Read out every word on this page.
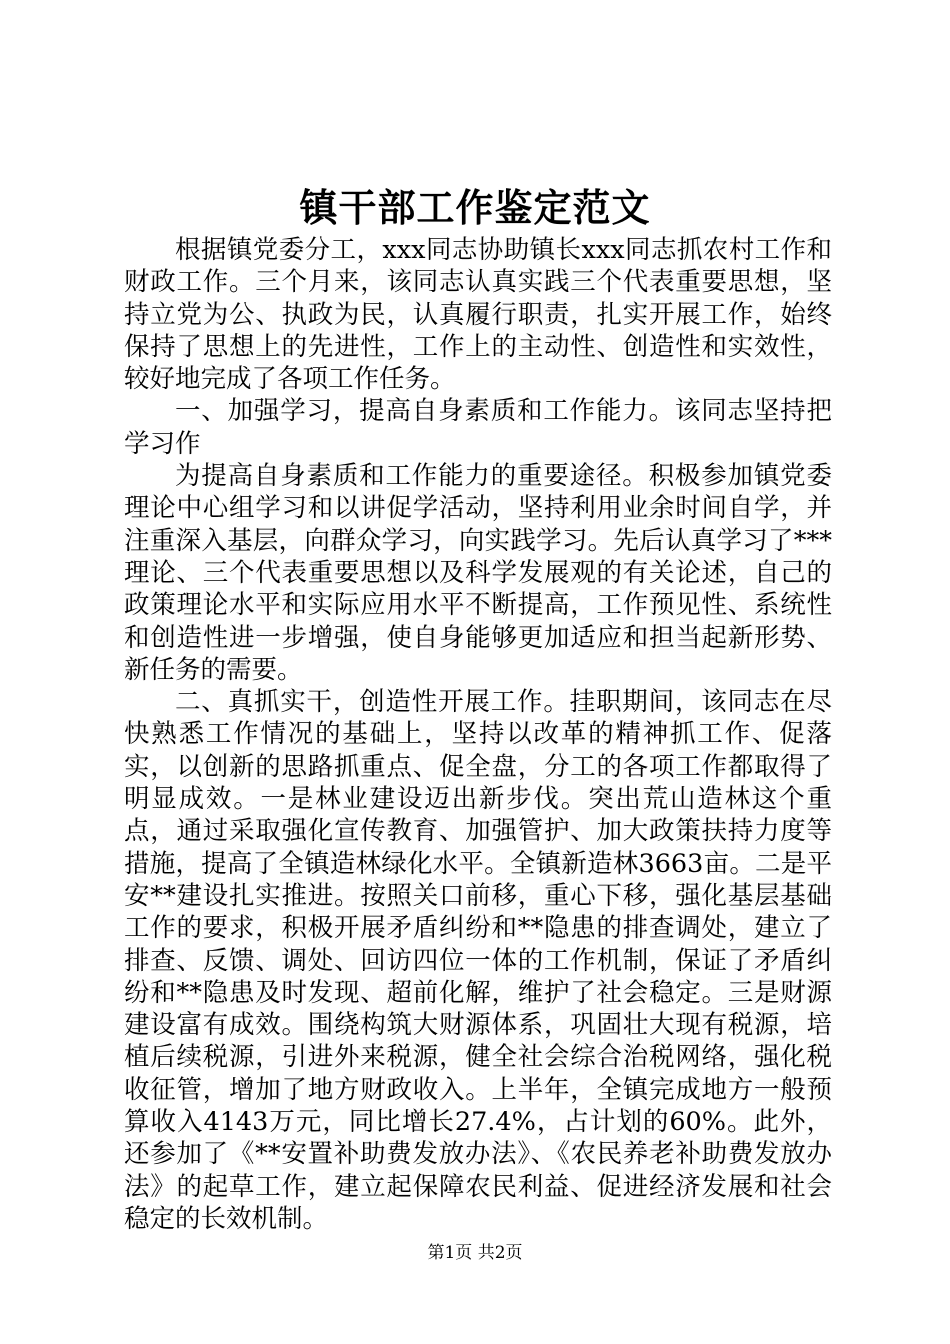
镇干部工作鉴定范文

根据镇党委分工，xxx同志协助镇长xxx同志抓农村工作和财政工作。三个月来，该同志认真实践三个代表重要思想，坚持立党为公、执政为民，认真履行职责，扎实开展工作，始终保持了思想上的先进性，工作上的主动性、创造性和实效性，较好地完成了各项工作任务。

一、加强学习，提高自身素质和工作能力。该同志坚持把学习作

为提高自身素质和工作能力的重要途径。积极参加镇党委理论中心组学习和以讲促学活动，坚持利用业余时间自学，并注重深入基层，向群众学习，向实践学习。先后认真学习了***理论、三个代表重要思想以及科学发展观的有关论述，自己的政策理论水平和实际应用水平不断提高，工作预见性、系统性和创造性进一步增强，使自身能够更加适应和担当起新形势、新任务的需要。

二、真抓实干，创造性开展工作。挂职期间，该同志在尽快熟悉工作情况的基础上，坚持以改革的精神抓工作、促落实，以创新的思路抓重点、促全盘，分工的各项工作都取得了明显成效。一是林业建设迈出新步伐。突出荒山造林这个重点，通过采取强化宣传教育、加强管护、加大政策扶持力度等措施，提高了全镇造林绿化水平。全镇新造林3663亩。二是平安**建设扎实推进。按照关口前移，重心下移，强化基层基础工作的要求，积极开展矛盾纠纷和**隐患的排查调处，建立了排查、反馈、调处、回访四位一体的工作机制，保证了矛盾纠纷和**隐患及时发现、超前化解，维护了社会稳定。三是财源建设富有成效。围绕构筑大财源体系，巩固壮大现有税源，培植后续税源，引进外来税源，健全社会综合治税网络，强化税收征管，增加了地方财政收入。上半年，全镇完成地方一般预算收入4143万元，同比增长27.4%，占计划的60%。此外，还参加了《**安置补助费发放办法》、《农民养老补助费发放办法》的起草工作，建立起保障农民利益、促进经济发展和社会稳定的长效机制。

第1页 共2页
